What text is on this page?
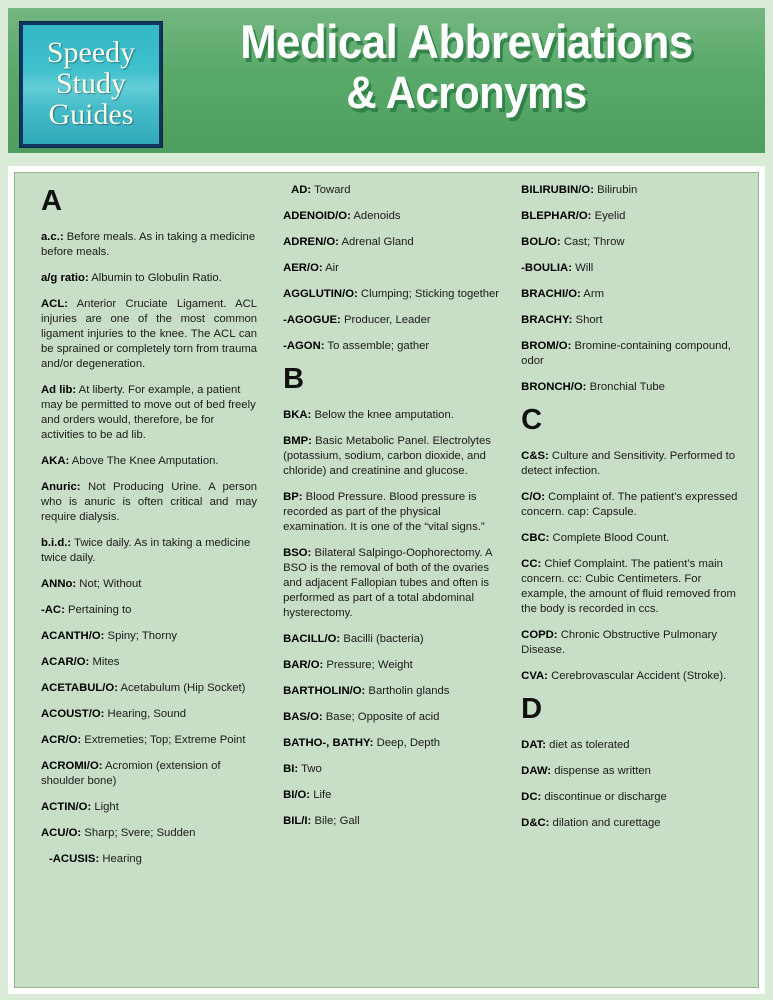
Speedy
Study
Guides
Medical Abbreviations
& Acronyms
A
a.c.: Before meals. As in taking a medicine before meals.
a/g ratio: Albumin to Globulin Ratio.
ACL: Anterior Cruciate Ligament. ACL injuries are one of the most common ligament injuries to the knee. The ACL can be sprained or completely torn from trauma and/or degeneration.
Ad lib: At liberty. For example, a patient may be permitted to move out of bed freely and orders would, therefore, be for activities to be ad lib.
AKA: Above The Knee Amputation.
Anuric: Not Producing Urine. A person who is anuric is often critical and may require dialysis.
b.i.d.: Twice daily. As in taking a medicine twice daily.
ANNo: Not; Without
-AC: Pertaining to
ACANTH/O: Spiny; Thorny
ACAR/O: Mites
ACETABUL/O: Acetabulum (Hip Socket)
ACOUST/O: Hearing, Sound
ACR/O: Extremeties; Top; Extreme Point
ACROMI/O: Acromion (extension of shoulder bone)
ACTIN/O: Light
ACU/O: Sharp; Svere; Sudden
-ACUSIS: Hearing
AD: Toward
ADENOID/O: Adenoids
ADREN/O: Adrenal Gland
AER/O: Air
AGGLUTIN/O: Clumping; Sticking together
-AGOGUE: Producer, Leader
-AGON: To assemble; gather
B
BKA: Below the knee amputation.
BMP: Basic Metabolic Panel. Electrolytes (potassium, sodium, carbon dioxide, and chloride) and creatinine and glucose.
BP: Blood Pressure. Blood pressure is recorded as part of the physical examination. It is one of the “vital signs.”
BSO: Bilateral Salpingo-Oophorectomy. A BSO is the removal of both of the ovaries and adjacent Fallopian tubes and often is performed as part of a total abdominal hysterectomy.
BACILL/O: Bacilli (bacteria)
BAR/O: Pressure; Weight
BARTHOLIN/O: Bartholin glands
BAS/O: Base; Opposite of acid
BATHO-, BATHY: Deep, Depth
BI: Two
BI/O: Life
BIL/I: Bile; Gall
BILIRUBIN/O: Bilirubin
BLEPHAR/O: Eyelid
BOL/O: Cast; Throw
-BOULIA: Will
BRACHI/O: Arm
BRACHY: Short
BROM/O: Bromine-containing compound, odor
BRONCH/O: Bronchial Tube
C
C&S: Culture and Sensitivity. Performed to detect infection.
C/O: Complaint of. The patient’s expressed concern. cap: Capsule.
CBC: Complete Blood Count.
CC: Chief Complaint. The patient’s main concern. cc: Cubic Centimeters. For example, the amount of fluid removed from the body is recorded in ccs.
COPD: Chronic Obstructive Pulmonary Disease.
CVA: Cerebrovascular Accident (Stroke).
D
DAT: diet as tolerated
DAW: dispense as written
DC: discontinue or discharge
D&C: dilation and curettage
